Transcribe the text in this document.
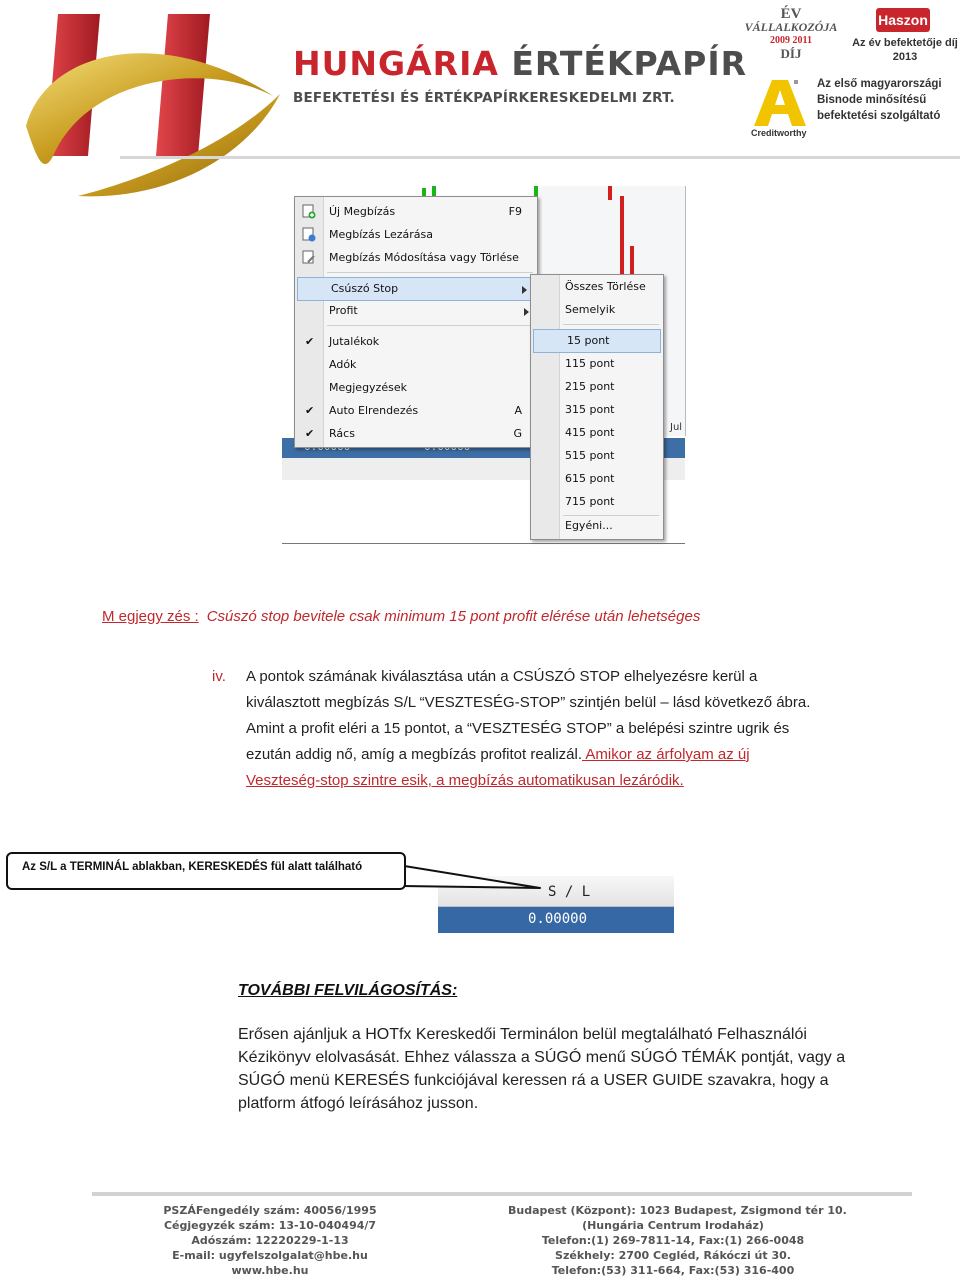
HUNGÁRIA ÉRTÉKPAPÍR
BEFEKTETÉSI ÉS ÉRTÉKPAPÍRKERESKEDELMI ZRT.
ÉV
VÁLLALKOZÓJA
2009 2011
DÍJ
Haszon
Az év befektetője díj
2013
Creditworthy
Az első magyarországi
Bisnode minősítésű
befektetési szolgáltató
Jul
Új Megbízás	F9
Megbízás Lezárása
Megbízás Módosítása vagy Törlése
Csúszó Stop
Profit
✔ Jutalékok
Adók
Megjegyzések
✔ Auto Elrendezés	A
✔ Rács	G
Összes Törlése
Semelyik
15 pont
115 pont
215 pont
315 pont
415 pont
515 pont
615 pont
715 pont
Egyéni...
M egjegy zés : Csúszó stop bevitele csak minimum 15 pont profit elérése után lehetséges
iv. A pontok számának kiválasztása után a CSÚSZÓ STOP elhelyezésre kerül a
kiválasztott megbízás S/L “VESZTESÉG-STOP” szintjén belül – lásd következő ábra.
Amint a profit eléri a 15 pontot, a “VESZTESÉG STOP” a belépési szintre ugrik és
ezután addig nő, amíg a megbízás profitot realizál. Amikor az árfolyam az új
Veszteség-stop szintre esik, a megbízás automatikusan lezáródik.
S / L
0.00000
Az S/L a TERMINÁL ablakban, KERESKEDÉS fül alatt található
TOVÁBBI FELVILÁGOSÍTÁS:
Erősen ajánljuk a HOTfx Kereskedői Terminálon belül megtalálható Felhasználói
Kézikönyv elolvasását. Ehhez válassza a SÚGÓ menű SÚGÓ TÉMÁK pontját, vagy a
SÚGÓ menü KERESÉS funkciójával keressen rá a USER GUIDE szavakra, hogy a
platform átfogó leírásához jusson.
PSZÁFengedély szám: 40056/1995
Cégjegyzék szám: 13-10-040494/7
Adószám: 12220229-1-13
E-mail: ugyfelszolgalat@hbe.hu
www.hbe.hu
Budapest (Központ): 1023 Budapest, Zsigmond tér 10.
(Hungária Centrum Irodaház)
Telefon:(1) 269-7811-14, Fax:(1) 266-0048
Székhely: 2700 Cegléd, Rákóczi út 30.
Telefon:(53) 311-664, Fax:(53) 316-400
